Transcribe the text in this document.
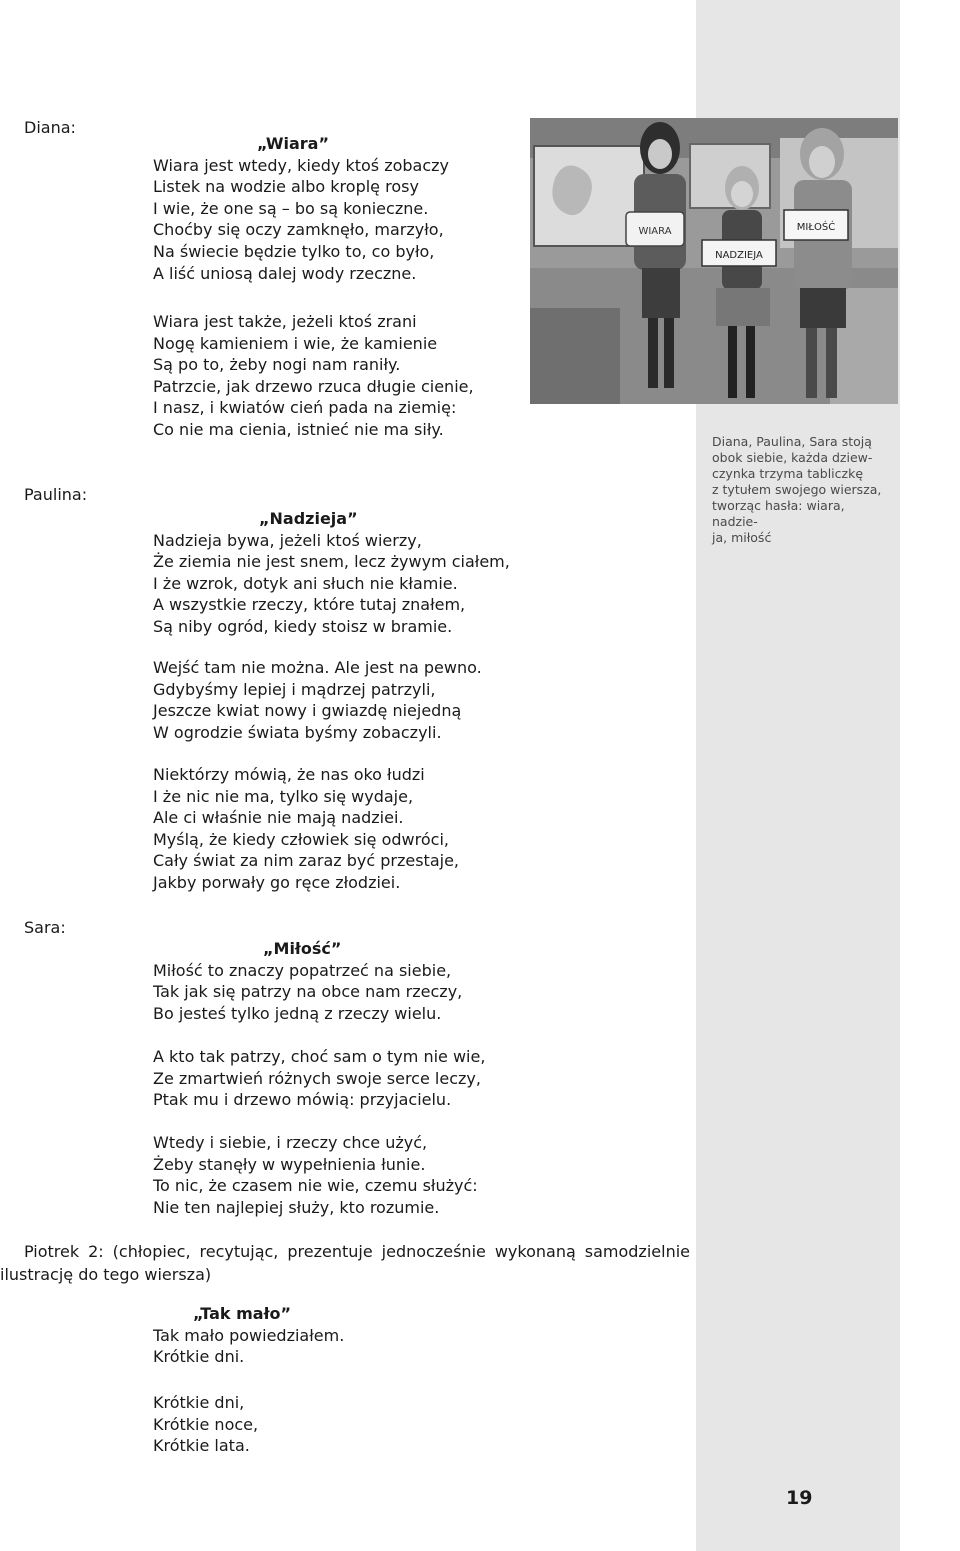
Diana:

Paulina:

Sara:

„Wiara”
Wiara jest wtedy, kiedy ktoś zobaczy
Listek na wodzie albo kroplę rosy
I wie, że one są – bo są konieczne.
Choćby się oczy zamknęło, marzyło,
Na świecie będzie tylko to, co było,
A liść uniosą dalej wody rzeczne.
Wiara jest także, jeżeli ktoś zrani
Nogę kamieniem i wie, że kamienie
Są po to, żeby nogi nam raniły.
Patrzcie, jak drzewo rzuca długie cienie,
I nasz, i kwiatów cień pada na ziemię:
Co nie ma cienia, istnieć nie ma siły.
„Nadzieja”
Nadzieja bywa, jeżeli ktoś wierzy,
Że ziemia nie jest snem, lecz żywym ciałem,
I że wzrok, dotyk ani słuch nie kłamie.
A wszystkie rzeczy, które tutaj znałem,
Są niby ogród, kiedy stoisz w bramie.
Wejść tam nie można. Ale jest na pewno.
Gdybyśmy lepiej i mądrzej patrzyli,
Jeszcze kwiat nowy i gwiazdę niejedną
W ogrodzie świata byśmy zobaczyli.
Niektórzy mówią, że nas oko łudzi
I że nic nie ma, tylko się wydaje,
Ale ci właśnie nie mają nadziei.
Myślą, że kiedy człowiek się odwróci,
Cały świat za nim zaraz być przestaje,
Jakby porwały go ręce złodziei.
„Miłość”
Miłość to znaczy popatrzeć na siebie,
Tak jak się patrzy na obce nam rzeczy,
Bo jesteś tylko jedną z rzeczy wielu.
A kto tak patrzy, choć sam o tym nie wie,
Ze zmartwień różnych swoje serce leczy,
Ptak mu i drzewo mówią: przyjacielu.
Wtedy i siebie, i rzeczy chce użyć,
Żeby stanęły w wypełnienia łunie.
To nic, że czasem nie wie, czemu służyć:
Nie ten najlepiej służy, kto rozumie.

Piotrek 2: (chłopiec, recytując, prezentuje jednocześnie wykonaną samodzielnie ilustrację do tego wiersza)

„Tak mało”
Tak mało powiedziałem.
Krótkie dni.
Krótkie dni,
Krótkie noce,
Krótkie lata.
WIARA
NADZIEJA
MIŁOŚĆ

Diana, Paulina, Sara stoją
obok siebie, każda dziew-
czynka trzyma tabliczkę
z tytułem swojego wiersza,
tworząc hasła: wiara, nadzie-
ja, miłość

19
